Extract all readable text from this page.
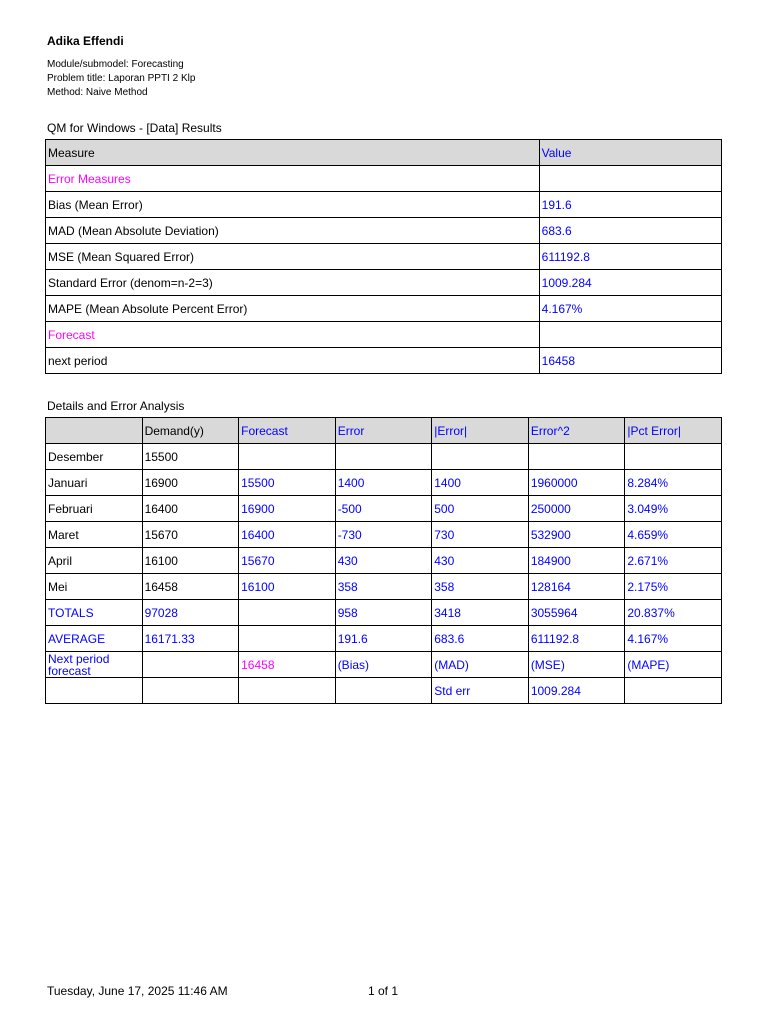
Adika Effendi
Module/submodel: Forecasting
Problem title: Laporan PPTI 2 Klp
Method: Naive Method
QM for Windows - [Data] Results
Measure	Value
Error Measures	
Bias (Mean Error)	191.6
MAD (Mean Absolute Deviation)	683.6
MSE (Mean Squared Error)	611192.8
Standard Error (denom=n-2=3)	1009.284
MAPE (Mean Absolute Percent Error)	4.167%
Forecast	
next period	16458
Details and Error Analysis
	Demand(y)	Forecast	Error	|Error|	Error^2	|Pct Error|
Desember	15500					
Januari	16900	15500	1400	1400	1960000	8.284%
Februari	16400	16900	-500	500	250000	3.049%
Maret	15670	16400	-730	730	532900	4.659%
April	16100	15670	430	430	184900	2.671%
Mei	16458	16100	358	358	128164	2.175%
TOTALS	97028		958	3418	3055964	20.837%
AVERAGE	16171.33		191.6	683.6	611192.8	4.167%
Next period forecast		16458	(Bias)	(MAD)	(MSE)	(MAPE)
				Std err	1009.284	
Tuesday, June 17, 2025 11:46 AM	1 of 1
